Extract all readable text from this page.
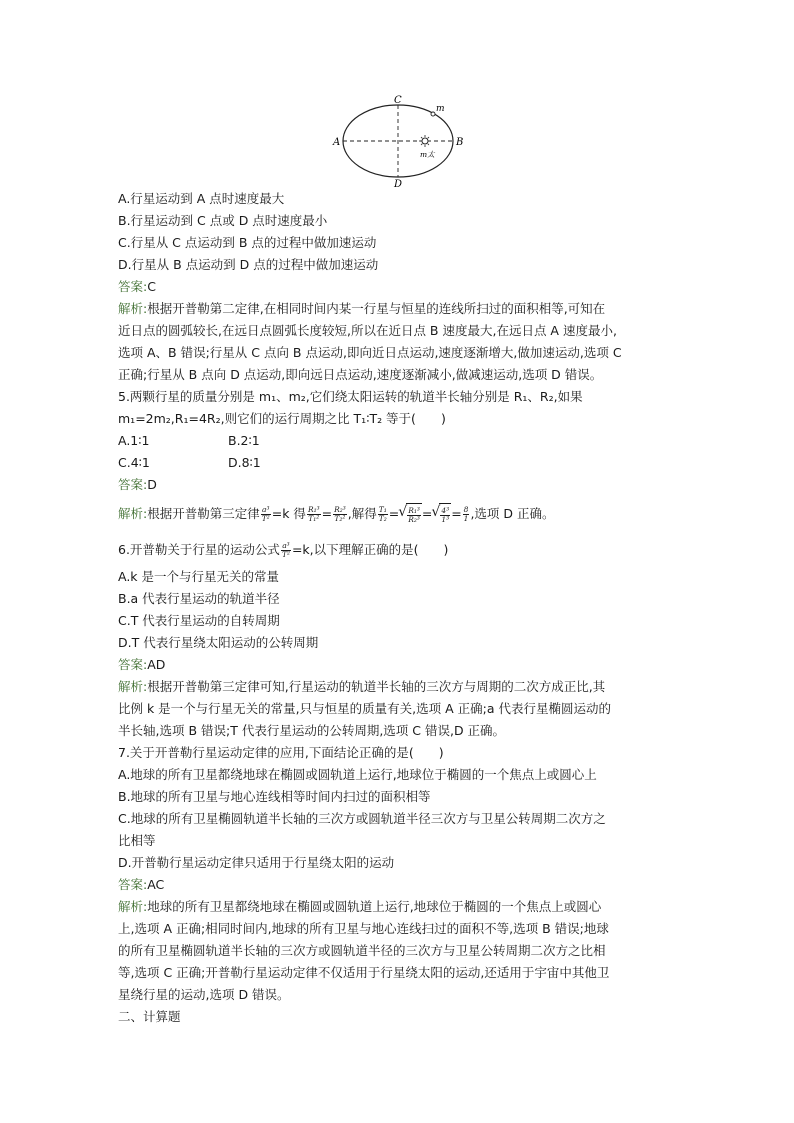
C
m
A	B
m太
D
A.行星运动到 A 点时速度最大
B.行星运动到 C 点或 D 点时速度最小
C.行星从 C 点运动到 B 点的过程中做加速运动
D.行星从 B 点运动到 D 点的过程中做加速运动
答案:C
解析:根据开普勒第二定律,在相同时间内某一行星与恒星的连线所扫过的面积相等,可知在
近日点的圆弧较长,在远日点圆弧长度较短,所以在近日点 B 速度最大,在远日点 A 速度最小,
选项 A、B 错误;行星从 C 点向 B 点运动,即向近日点运动,速度逐渐增大,做加速运动,选项 C
正确;行星从 B 点向 D 点运动,即向远日点运动,速度逐渐减小,做减速运动,选项 D 错误。
5.两颗行星的质量分别是 m₁、m₂,它们绕太阳运转的轨道半长轴分别是 R₁、R₂,如果
m₁=2m₂,R₁=4R₂,则它们的运行周期之比 T₁∶T₂ 等于(　　)
A.1∶1	B.2∶1
C.4∶1	D.8∶1
答案:D
解析:根据开普勒第三定律 $\frac{\text{a³}}{\text{T²}} =k$ 得 $\frac{\text{R₁³}}{\text{T₁²}} = \frac{\text{R₂³}}{\text{T₂²}}$ ,解得 $\frac{\text{T₁}}{\text{T₂}}$ = √ $\frac{\text{R₁³}}{\text{R₂³}}$ = √ $\frac{\text{4³}}{\text{1³}} = \frac{8}{1}$ ,选项 D 正确。
6.开普勒关于行星的运动公式 $\frac{\text{a³}}{\text{T²}} =k$,以下理解正确的是(　　)
A.k 是一个与行星无关的常量
B.a 代表行星运动的轨道半径
C.T 代表行星运动的自转周期
D.T 代表行星绕太阳运动的公转周期
答案:AD
解析:根据开普勒第三定律可知,行星运动的轨道半长轴的三次方与周期的二次方成正比,其
比例 k 是一个与行星无关的常量,只与恒星的质量有关,选项 A 正确;a 代表行星椭圆运动的
半长轴,选项 B 错误;T 代表行星运动的公转周期,选项 C 错误,D 正确。
7.关于开普勒行星运动定律的应用,下面结论正确的是(　　)
A.地球的所有卫星都绕地球在椭圆或圆轨道上运行,地球位于椭圆的一个焦点上或圆心上
B.地球的所有卫星与地心连线相等时间内扫过的面积相等
C.地球的所有卫星椭圆轨道半长轴的三次方或圆轨道半径三次方与卫星公转周期二次方之
比相等
D.开普勒行星运动定律只适用于行星绕太阳的运动
答案:AC
解析:地球的所有卫星都绕地球在椭圆或圆轨道上运行,地球位于椭圆的一个焦点上或圆心
上,选项 A 正确;相同时间内,地球的所有卫星与地心连线扫过的面积不等,选项 B 错误;地球
的所有卫星椭圆轨道半长轴的三次方或圆轨道半径的三次方与卫星公转周期二次方之比相
等,选项 C 正确;开普勒行星运动定律不仅适用于行星绕太阳的运动,还适用于宇宙中其他卫
星绕行星的运动,选项 D 错误。
二、计算题
